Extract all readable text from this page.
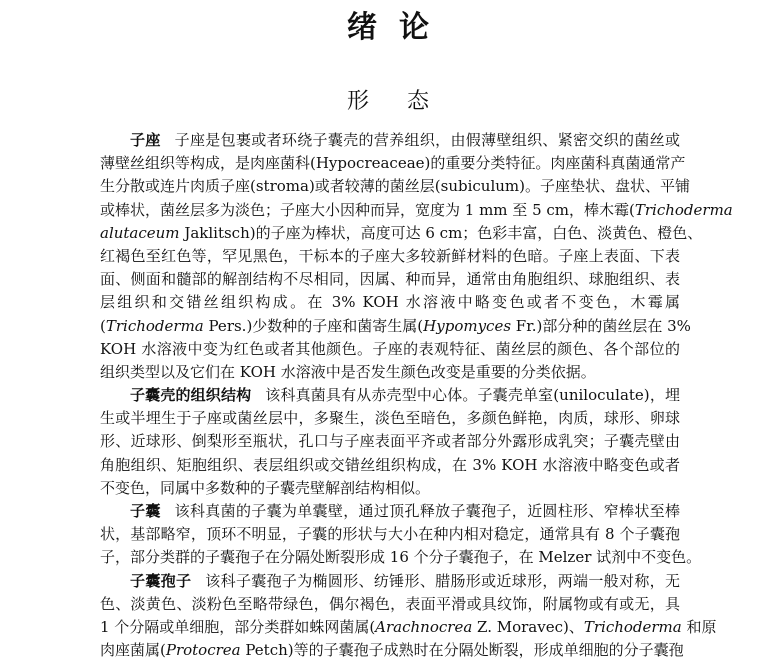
绪论
形态
子座 子座是包裹或者环绕子囊壳的营养组织，由假薄壁组织、紧密交织的菌丝或
薄壁丝组织等构成，是肉座菌科(Hypocreaceae)的重要分类特征。肉座菌科真菌通常产
生分散或连片肉质子座(stroma)或者较薄的菌丝层(subiculum)。子座垫状、盘状、平铺
或棒状，菌丝层多为淡色；子座大小因种而异，宽度为 1 mm 至 5 cm，棒木霉(Trichoderma
alutaceum Jaklitsch)的子座为棒状，高度可达 6 cm；色彩丰富，白色、淡黄色、橙色、
红褐色至红色等，罕见黑色，干标本的子座大多较新鲜材料的色暗。子座上表面、下表
面、侧面和髓部的解剖结构不尽相同，因属、种而异，通常由角胞组织、球胞组织、表
层组织和交错丝组织构成。在 3% KOH 水溶液中略变色或者不变色，木霉属
(Trichoderma Pers.)少数种的子座和菌寄生属(Hypomyces Fr.)部分种的菌丝层在 3%
KOH 水溶液中变为红色或者其他颜色。子座的表观特征、菌丝层的颜色、各个部位的
组织类型以及它们在 KOH 水溶液中是否发生颜色改变是重要的分类依据。
子囊壳的组织结构 该科真菌具有从赤壳型中心体。子囊壳单室(uniloculate)，埋
生或半埋生于子座或菌丝层中，多聚生，淡色至暗色，多颜色鲜艳，肉质，球形、卵球
形、近球形、倒梨形至瓶状，孔口与子座表面平齐或者部分外露形成乳突；子囊壳壁由
角胞组织、矩胞组织、表层组织或交错丝组织构成，在 3% KOH 水溶液中略变色或者
不变色，同属中多数种的子囊壳壁解剖结构相似。
子囊 该科真菌的子囊为单囊壁，通过顶孔释放子囊孢子，近圆柱形、窄棒状至棒
状，基部略窄，顶环不明显，子囊的形状与大小在种内相对稳定，通常具有 8 个子囊孢
子，部分类群的子囊孢子在分隔处断裂形成 16 个分子囊孢子，在 Melzer 试剂中不变色。
子囊孢子 该科子囊孢子为椭圆形、纺锤形、腊肠形或近球形，两端一般对称，无
色、淡黄色、淡粉色至略带绿色，偶尔褐色，表面平滑或具纹饰，附属物或有或无，具
1 个分隔或单细胞，部分类群如蛛网菌属(Arachnocrea Z. Moravec)、Trichoderma 和原
肉座菌属(Protocrea Petch)等的子囊孢子成熟时在分隔处断裂，形成单细胞的分子囊孢
